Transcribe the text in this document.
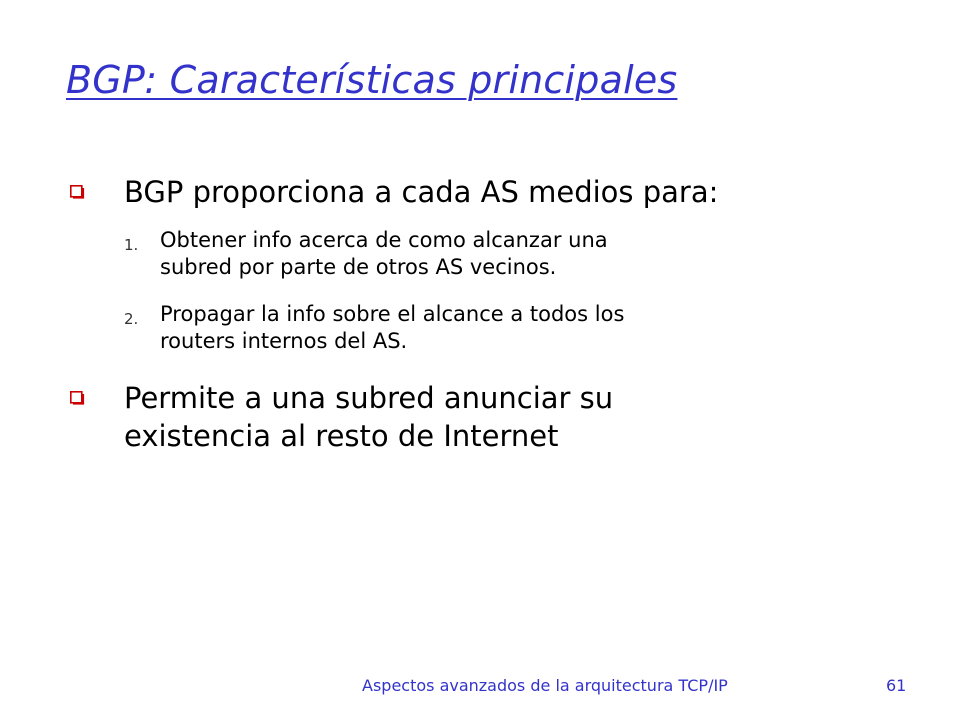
BGP: Características principales
BGP proporciona a cada AS medios para:
1. Obtener info acerca de como alcanzar una
subred por parte de otros AS vecinos.
2. Propagar la info sobre el alcance a todos los
routers internos del AS.
Permite a una subred anunciar su
existencia al resto de Internet
Aspectos avanzados de la arquitectura TCP/IP	61
